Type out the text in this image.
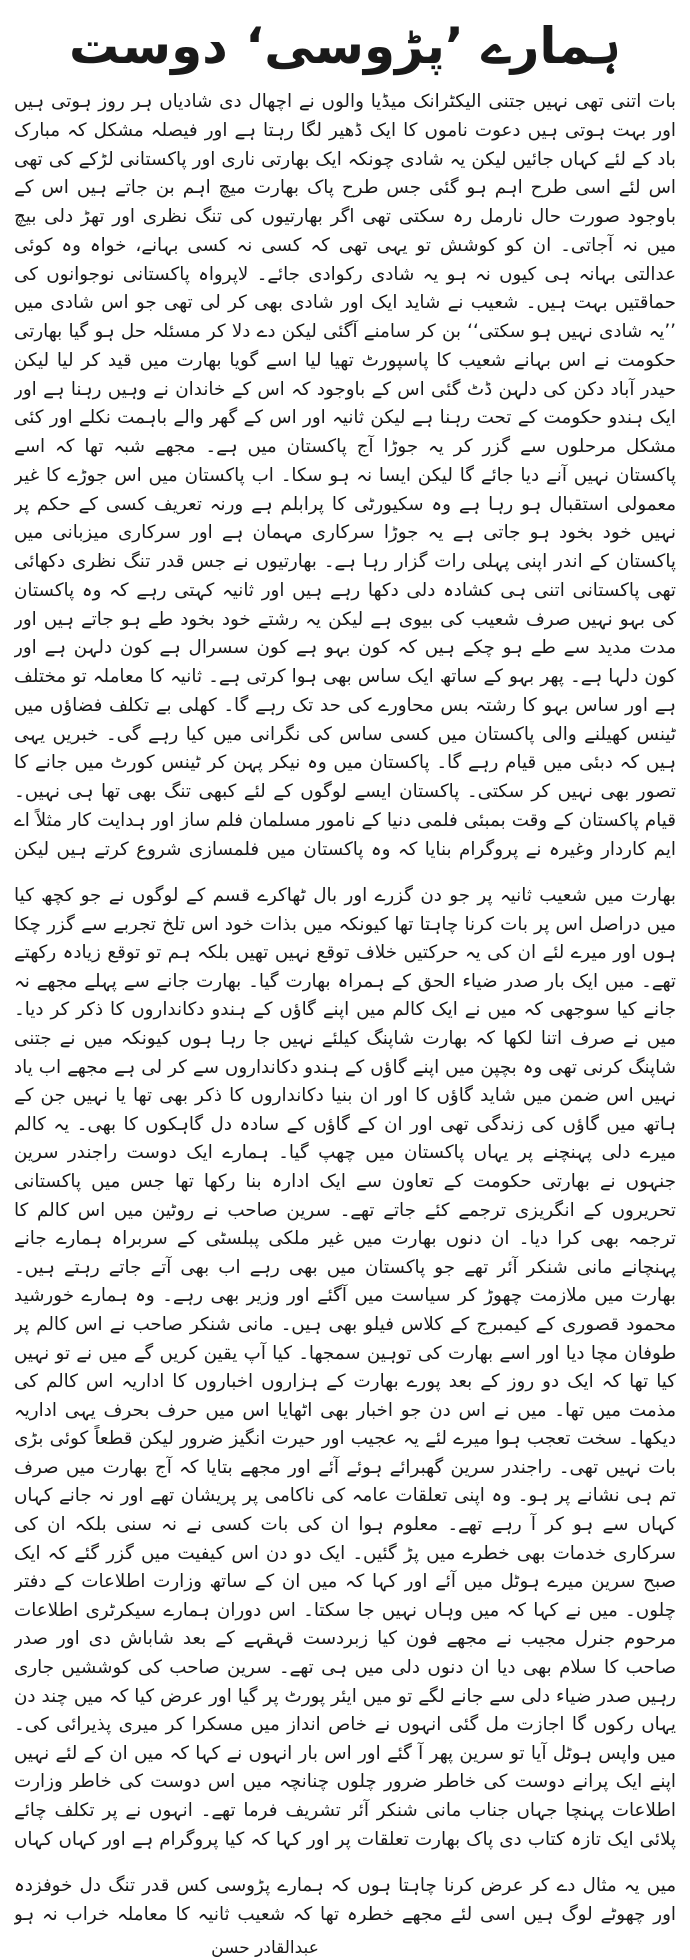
ہمارے ’پڑوسی‘ دوست

بات اتنی تھی نہیں جتنی الیکٹرانک میڈیا والوں نے اچھال دی شادیاں ہر روز ہوتی ہیں اور بہت ہوتی ہیں دعوت ناموں کا ایک ڈھیر لگا رہتا ہے اور فیصلہ مشکل کہ مبارک باد کے لئے کہاں جائیں لیکن یہ شادی چونکہ ایک بھارتی ناری اور پاکستانی لڑکے کی تھی اس لئے اسی طرح اہم ہو گئی جس طرح پاک بھارت میچ اہم بن جاتے ہیں اس کے باوجود صورت حال نارمل رہ سکتی تھی اگر بھارتیوں کی تنگ نظری اور تھڑ دلی بیچ میں نہ آجاتی۔ ان کو کوشش تو یہی تھی کہ کسی نہ کسی بہانے، خواہ وہ کوئی عدالتی بہانہ ہی کیوں نہ ہو یہ شادی رکوادی جائے۔ لاپرواہ پاکستانی نوجوانوں کی حماقتیں بہت ہیں۔ شعیب نے شاید ایک اور شادی بھی کر لی تھی جو اس شادی میں ’’یہ شادی نہیں ہو سکتی‘‘ بن کر سامنے آگئی لیکن دے دلا کر مسئلہ حل ہو گیا بھارتی حکومت نے اس بہانے شعیب کا پاسپورٹ تھیا لیا اسے گویا بھارت میں قید کر لیا لیکن حیدر آباد دکن کی دلہن ڈٹ گئی اس کے باوجود کہ اس کے خاندان نے وہیں رہنا ہے اور ایک ہندو حکومت کے تحت رہنا ہے لیکن ثانیہ اور اس کے گھر والے باہمت نکلے اور کئی مشکل مرحلوں سے گزر کر یہ جوڑا آج پاکستان میں ہے۔ مجھے شبہ تھا کہ اسے پاکستان نہیں آنے دیا جائے گا لیکن ایسا نہ ہو سکا۔ اب پاکستان میں اس جوڑے کا غیر معمولی استقبال ہو رہا ہے وہ سکیورٹی کا پرابلم ہے ورنہ تعریف کسی کے حکم پر نہیں خود بخود ہو جاتی ہے یہ جوڑا سرکاری مہمان ہے اور سرکاری میزبانی میں پاکستان کے اندر اپنی پہلی رات گزار رہا ہے۔ بھارتیوں نے جس قدر تنگ نظری دکھائی تھی پاکستانی اتنی ہی کشادہ دلی دکھا رہے ہیں اور ثانیہ کہتی رہے کہ وہ پاکستان کی بہو نہیں صرف شعیب کی بیوی ہے لیکن یہ رشتے خود بخود طے ہو جاتے ہیں اور مدت مدید سے طے ہو چکے ہیں کہ کون بہو ہے کون سسرال ہے کون دلہن ہے اور کون دلہا ہے۔ پھر بہو کے ساتھ ایک ساس بھی ہوا کرتی ہے۔ ثانیہ کا معاملہ تو مختلف ہے اور ساس بہو کا رشتہ بس محاورے کی حد تک رہے گا۔ کھلی بے تکلف فضاؤں میں ٹینس کھیلنے والی پاکستان میں کسی ساس کی نگرانی میں کیا رہے گی۔ خبریں یہی ہیں کہ دبئی میں قیام رہے گا۔ پاکستان میں وہ نیکر پہن کر ٹینس کورٹ میں جانے کا تصور بھی نہیں کر سکتی۔ پاکستان ایسے لوگوں کے لئے کبھی تنگ بھی تھا ہی نہیں۔ قیام پاکستان کے وقت بمبئی فلمی دنیا کے نامور مسلمان فلم ساز اور ہدایت کار مثلاً اے ایم کاردار وغیرہ نے پروگرام بنایا کہ وہ پاکستان میں فلمسازی شروع کرتے ہیں لیکن

بھارت میں شعیب ثانیہ پر جو دن گزرے اور بال ٹھاکرے قسم کے لوگوں نے جو کچھ کیا میں دراصل اس پر بات کرنا چاہتا تھا کیونکہ میں بذات خود اس تلخ تجربے سے گزر چکا ہوں اور میرے لئے ان کی یہ حرکتیں خلاف توقع نہیں تھیں بلکہ ہم تو توقع زیادہ رکھتے تھے۔ میں ایک بار صدر ضیاء الحق کے ہمراہ بھارت گیا۔ بھارت جانے سے پہلے مجھے نہ جانے کیا سوجھی کہ میں نے ایک کالم میں اپنے گاؤں کے ہندو دکانداروں کا ذکر کر دیا۔ میں نے صرف اتنا لکھا کہ بھارت شاپنگ کیلئے نہیں جا رہا ہوں کیونکہ میں نے جتنی شاپنگ کرنی تھی وہ بچپن میں اپنے گاؤں کے ہندو دکانداروں سے کر لی ہے مجھے اب یاد نہیں اس ضمن میں شاید گاؤں کا اور ان بنیا دکانداروں کا ذکر بھی تھا یا نہیں جن کے ہاتھ میں گاؤں کی زندگی تھی اور ان کے گاؤں کے سادہ دل گاہکوں کا بھی۔ یہ کالم میرے دلی پہنچنے پر یہاں پاکستان میں چھپ گیا۔ ہمارے ایک دوست راجندر سرین جنہوں نے بھارتی حکومت کے تعاون سے ایک ادارہ بنا رکھا تھا جس میں پاکستانی تحریروں کے انگریزی ترجمے کئے جاتے تھے۔ سرین صاحب نے روٹین میں اس کالم کا ترجمہ بھی کرا دیا۔ ان دنوں بھارت میں غیر ملکی پبلسٹی کے سربراہ ہمارے جانے پہنچانے مانی شنکر آئر تھے جو پاکستان میں بھی رہے اب بھی آتے جاتے رہتے ہیں۔ بھارت میں ملازمت چھوڑ کر سیاست میں آگئے اور وزیر بھی رہے۔ وہ ہمارے خورشید محمود قصوری کے کیمبرج کے کلاس فیلو بھی ہیں۔ مانی شنکر صاحب نے اس کالم پر طوفان مچا دیا اور اسے بھارت کی توہین سمجھا۔ کیا آپ یقین کریں گے میں نے تو نہیں کیا تھا کہ ایک دو روز کے بعد پورے بھارت کے ہزاروں اخباروں کا اداریہ اس کالم کی مذمت میں تھا۔ میں نے اس دن جو اخبار بھی اٹھایا اس میں حرف بحرف یہی اداریہ دیکھا۔ سخت تعجب ہوا میرے لئے یہ عجیب اور حیرت انگیز ضرور لیکن قطعاً کوئی بڑی بات نہیں تھی۔ راجندر سرین گھبرائے ہوئے آئے اور مجھے بتایا کہ آج بھارت میں صرف تم ہی نشانے پر ہو۔ وہ اپنی تعلقات عامہ کی ناکامی پر پریشان تھے اور نہ جانے کہاں کہاں سے ہو کر آ رہے تھے۔ معلوم ہوا ان کی بات کسی نے نہ سنی بلکہ ان کی سرکاری خدمات بھی خطرے میں پڑ گئیں۔ ایک دو دن اس کیفیت میں گزر گئے کہ ایک صبح سرین میرے ہوٹل میں آئے اور کہا کہ میں ان کے ساتھ وزارت اطلاعات کے دفتر چلوں۔ میں نے کہا کہ میں وہاں نہیں جا سکتا۔ اس دوران ہمارے سیکرٹری اطلاعات مرحوم جنرل مجیب نے مجھے فون کیا زبردست قہقہے کے بعد شاباش دی اور صدر صاحب کا سلام بھی دیا ان دنوں دلی میں ہی تھے۔ سرین صاحب کی کوششیں جاری رہیں صدر ضیاء دلی سے جانے لگے تو میں ایئر پورٹ پر گیا اور عرض کیا کہ میں چند دن یہاں رکوں گا اجازت مل گئی انہوں نے خاص انداز میں مسکرا کر میری پذیرائی کی۔ میں واپس ہوٹل آیا تو سرین پھر آ گئے اور اس بار انہوں نے کہا کہ میں ان کے لئے نہیں اپنے ایک پرانے دوست کی خاطر ضرور چلوں چنانچہ میں اس دوست کی خاطر وزارت اطلاعات پہنچا جہاں جناب مانی شنکر آئر تشریف فرما تھے۔ انہوں نے پر تکلف چائے پلائی ایک تازہ کتاب دی پاک بھارت تعلقات پر اور کہا کہ کیا پروگرام ہے اور کہاں کہاں

میں یہ مثال دے کر عرض کرنا چاہتا ہوں کہ ہمارے پڑوسی کس قدر تنگ دل خوفزدہ اور چھوٹے لوگ ہیں اسی لئے مجھے خطرہ تھا کہ شعیب ثانیہ کا معاملہ خراب نہ ہو

عبدالقادر حسن
